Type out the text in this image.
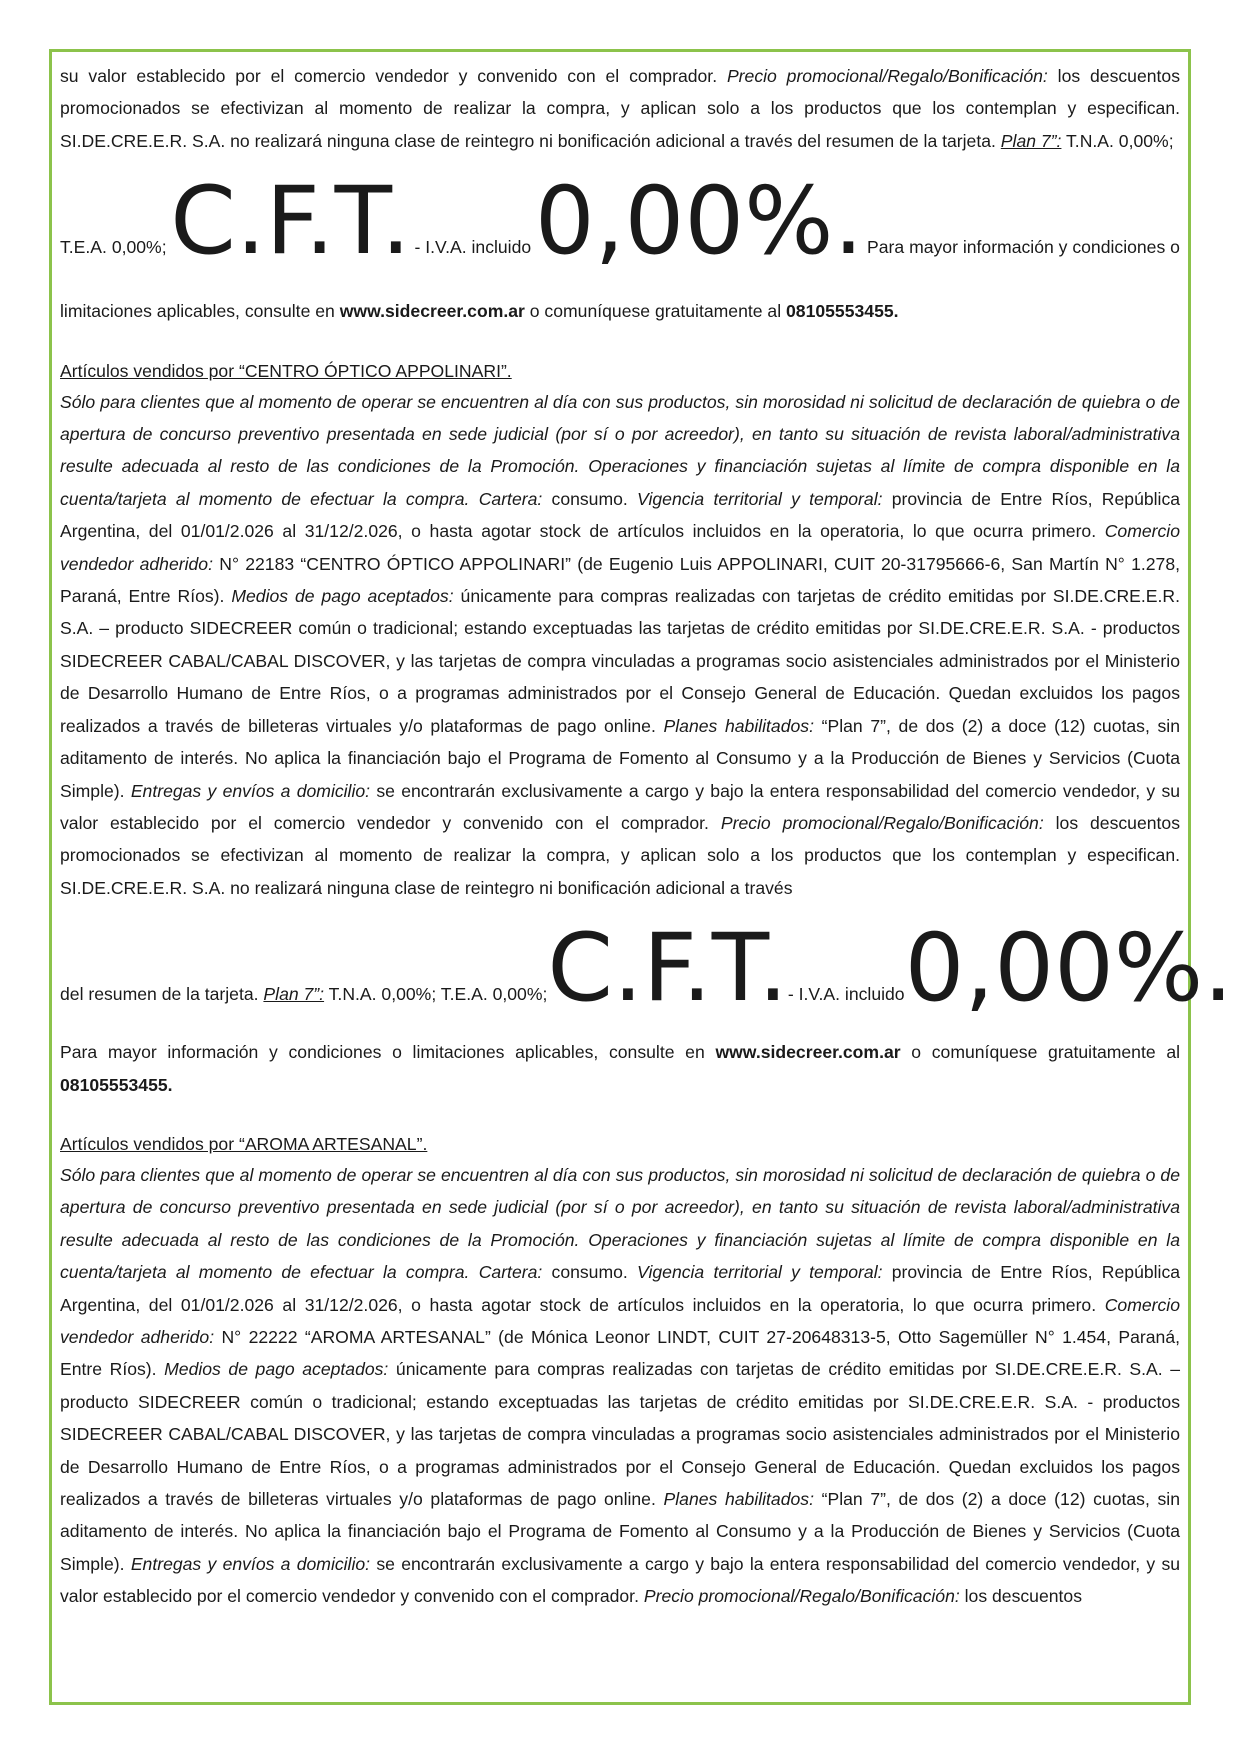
su valor establecido por el comercio vendedor y convenido con el comprador. Precio promocional/Regalo/Bonificación: los descuentos promocionados se efectivizan al momento de realizar la compra, y aplican solo a los productos que los contemplan y especifican. SI.DE.CRE.E.R. S.A. no realizará ninguna clase de reintegro ni bonificación adicional a través del resumen de la tarjeta. Plan 7”: T.N.A. 0,00%;

T.E.A. 0,00%; C.F.T. - I.V.A. incluido 0,00%. Para mayor información y condiciones o

limitaciones aplicables, consulte en www.sidecreer.com.ar o comuníquese gratuitamente al 08105553455.

Artículos vendidos por “CENTRO ÓPTICO APPOLINARI”.

Sólo para clientes que al momento de operar se encuentren al día con sus productos, sin morosidad ni solicitud de declaración de quiebra o de apertura de concurso preventivo presentada en sede judicial (por sí o por acreedor), en tanto su situación de revista laboral/administrativa resulte adecuada al resto de las condiciones de la Promoción. Operaciones y financiación sujetas al límite de compra disponible en la cuenta/tarjeta al momento de efectuar la compra. Cartera: consumo. Vigencia territorial y temporal: provincia de Entre Ríos, República Argentina, del 01/01/2.026 al 31/12/2.026, o hasta agotar stock de artículos incluidos en la operatoria, lo que ocurra primero. Comercio vendedor adherido: N° 22183 “CENTRO ÓPTICO APPOLINARI” (de Eugenio Luis APPOLINARI, CUIT 20-31795666-6, San Martín N° 1.278, Paraná, Entre Ríos). Medios de pago aceptados: únicamente para compras realizadas con tarjetas de crédito emitidas por SI.DE.CRE.E.R. S.A. – producto SIDECREER común o tradicional; estando exceptuadas las tarjetas de crédito emitidas por SI.DE.CRE.E.R. S.A. - productos SIDECREER CABAL/CABAL DISCOVER, y las tarjetas de compra vinculadas a programas socio asistenciales administrados por el Ministerio de Desarrollo Humano de Entre Ríos, o a programas administrados por el Consejo General de Educación. Quedan excluidos los pagos realizados a través de billeteras virtuales y/o plataformas de pago online. Planes habilitados: “Plan 7”, de dos (2) a doce (12) cuotas, sin aditamento de interés. No aplica la financiación bajo el Programa de Fomento al Consumo y a la Producción de Bienes y Servicios (Cuota Simple). Entregas y envíos a domicilio: se encontrarán exclusivamente a cargo y bajo la entera responsabilidad del comercio vendedor, y su valor establecido por el comercio vendedor y convenido con el comprador. Precio promocional/Regalo/Bonificación: los descuentos promocionados se efectivizan al momento de realizar la compra, y aplican solo a los productos que los contemplan y especifican. SI.DE.CRE.E.R. S.A. no realizará ninguna clase de reintegro ni bonificación adicional a través

del resumen de la tarjeta. Plan 7”: T.N.A. 0,00%; T.E.A. 0,00%; C.F.T. - I.V.A. incluido 0,00%.

Para mayor información y condiciones o limitaciones aplicables, consulte en www.sidecreer.com.ar o comuníquese gratuitamente al 08105553455.

Artículos vendidos por “AROMA ARTESANAL”.

Sólo para clientes que al momento de operar se encuentren al día con sus productos, sin morosidad ni solicitud de declaración de quiebra o de apertura de concurso preventivo presentada en sede judicial (por sí o por acreedor), en tanto su situación de revista laboral/administrativa resulte adecuada al resto de las condiciones de la Promoción. Operaciones y financiación sujetas al límite de compra disponible en la cuenta/tarjeta al momento de efectuar la compra. Cartera: consumo. Vigencia territorial y temporal: provincia de Entre Ríos, República Argentina, del 01/01/2.026 al 31/12/2.026, o hasta agotar stock de artículos incluidos en la operatoria, lo que ocurra primero. Comercio vendedor adherido: N° 22222 “AROMA ARTESANAL” (de Mónica Leonor LINDT, CUIT 27-20648313-5, Otto Sagemüller N° 1.454, Paraná, Entre Ríos). Medios de pago aceptados: únicamente para compras realizadas con tarjetas de crédito emitidas por SI.DE.CRE.E.R. S.A. – producto SIDECREER común o tradicional; estando exceptuadas las tarjetas de crédito emitidas por SI.DE.CRE.E.R. S.A. - productos SIDECREER CABAL/CABAL DISCOVER, y las tarjetas de compra vinculadas a programas socio asistenciales administrados por el Ministerio de Desarrollo Humano de Entre Ríos, o a programas administrados por el Consejo General de Educación. Quedan excluidos los pagos realizados a través de billeteras virtuales y/o plataformas de pago online. Planes habilitados: “Plan 7”, de dos (2) a doce (12) cuotas, sin aditamento de interés. No aplica la financiación bajo el Programa de Fomento al Consumo y a la Producción de Bienes y Servicios (Cuota Simple). Entregas y envíos a domicilio: se encontrarán exclusivamente a cargo y bajo la entera responsabilidad del comercio vendedor, y su valor establecido por el comercio vendedor y convenido con el comprador. Precio promocional/Regalo/Bonificación: los descuentos
